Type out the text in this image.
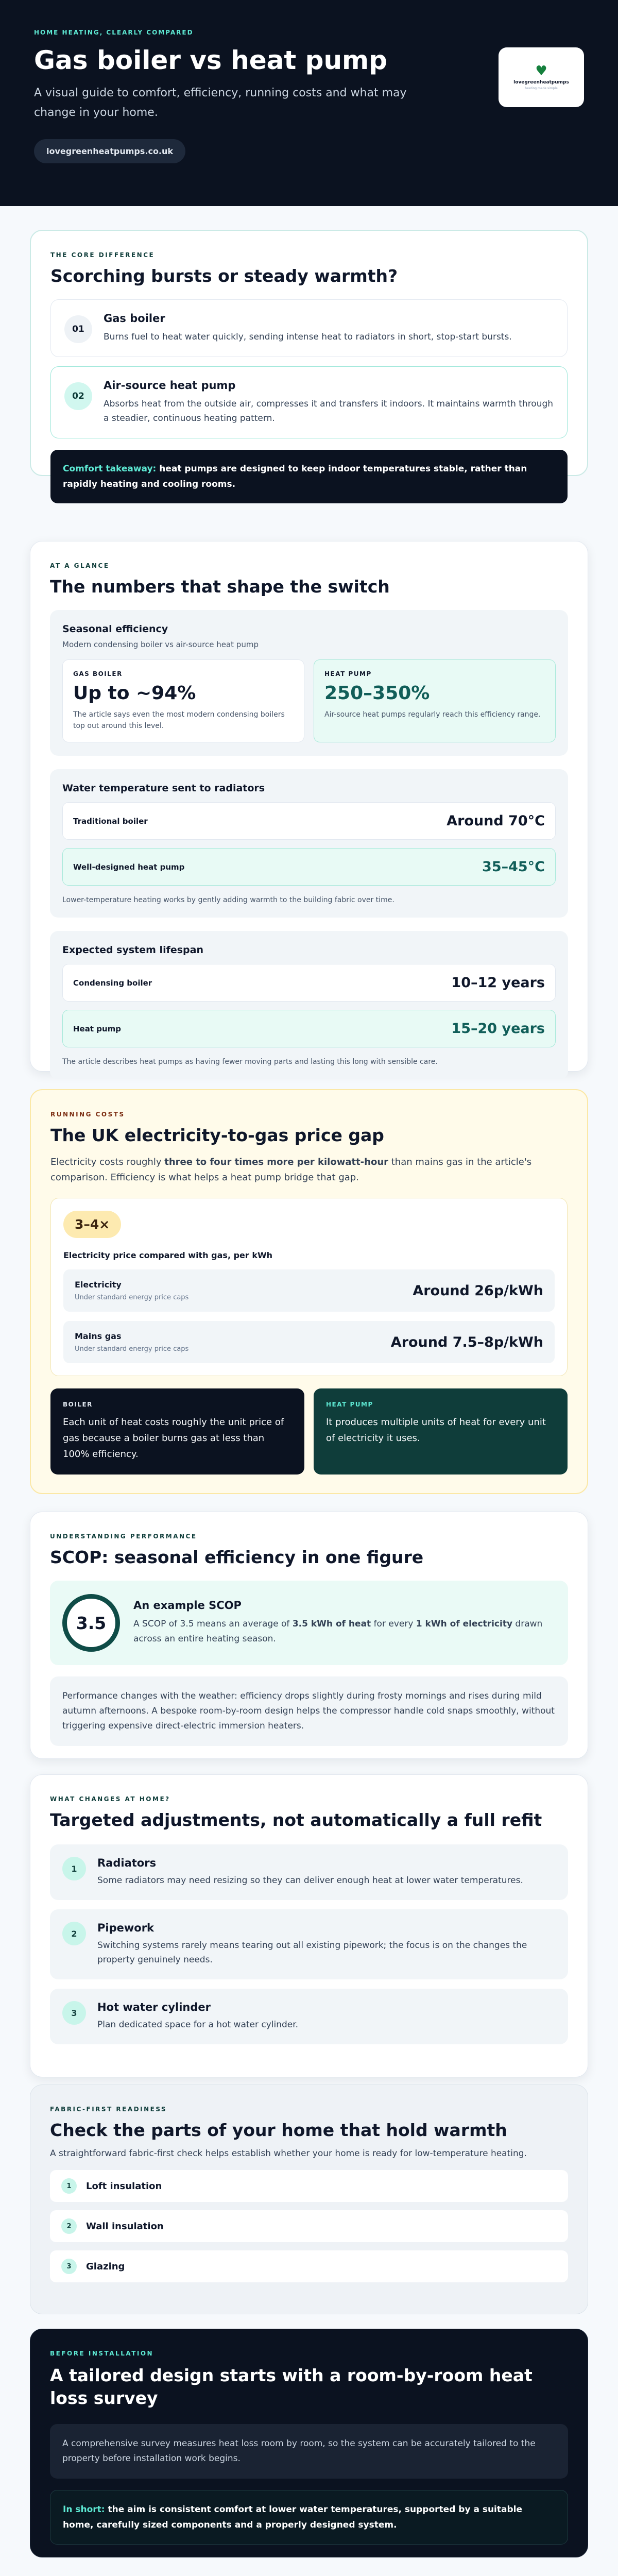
HOME HEATING, CLEARLY COMPARED
Gas boiler vs heat pump

A visual guide to comfort, efficiency, running costs and what may change in your home.

lovegreenheatpumps.co.uk
♥
lovegreenheatpumps
heating made simple
THE CORE DIFFERENCE
Scorching bursts or steady warmth?
01
Gas boiler
Burns fuel to heat water quickly, sending intense heat to radiators in short, stop-start bursts.
02
Air-source heat pump
Absorbs heat from the outside air, compresses it and transfers it indoors. It maintains warmth through a steadier, continuous heating pattern.
Comfort takeaway: heat pumps are designed to keep indoor temperatures stable, rather than rapidly heating and cooling rooms.
AT A GLANCE
The numbers that shape the switch
Seasonal efficiency
Modern condensing boiler vs air-source heat pump
GAS BOILER
Up to ~94%
The article says even the most modern condensing boilers top out around this level.
HEAT PUMP
250–350%
Air-source heat pumps regularly reach this efficiency range.
Water temperature sent to radiators
Traditional boiler	Around 70°C
Well-designed heat pump	35–45°C
Lower-temperature heating works by gently adding warmth to the building fabric over time.
Expected system lifespan
Condensing boiler	10–12 years
Heat pump	15–20 years
The article describes heat pumps as having fewer moving parts and lasting this long with sensible care.
RUNNING COSTS
The UK electricity-to-gas price gap

Electricity costs roughly three to four times more per kilowatt-hour than mains gas in the article's comparison. Efficiency is what helps a heat pump bridge that gap.

3–4×
Electricity price compared with gas, per kWh
Electricity
Under standard energy price caps	Around 26p/kWh
Mains gas
Under standard energy price caps	Around 7.5–8p/kWh
BOILER
Each unit of heat costs roughly the unit price of gas because a boiler burns gas at less than 100% efficiency.
HEAT PUMP
It produces multiple units of heat for every unit of electricity it uses.
UNDERSTANDING PERFORMANCE
SCOP: seasonal efficiency in one figure
3.5
An example SCOP
A SCOP of 3.5 means an average of 3.5 kWh of heat for every 1 kWh of electricity drawn across an entire heating season.
Performance changes with the weather: efficiency drops slightly during frosty mornings and rises during mild autumn afternoons. A bespoke room-by-room design helps the compressor handle cold snaps smoothly, without triggering expensive direct-electric immersion heaters.
WHAT CHANGES AT HOME?
Targeted adjustments, not automatically a full refit
1	Radiators
Some radiators may need resizing so they can deliver enough heat at lower water temperatures.
2	Pipework
Switching systems rarely means tearing out all existing pipework; the focus is on the changes the property genuinely needs.
3	Hot water cylinder
Plan dedicated space for a hot water cylinder.
FABRIC-FIRST READINESS
Check the parts of your home that hold warmth
A straightforward fabric-first check helps establish whether your home is ready for low-temperature heating.
1	Loft insulation
2	Wall insulation
3	Glazing
BEFORE INSTALLATION
A tailored design starts with a room-by-room heat loss survey
A comprehensive survey measures heat loss room by room, so the system can be accurately tailored to the property before installation work begins.
In short: the aim is consistent comfort at lower water temperatures, supported by a suitable home, carefully sized components and a properly designed system.
